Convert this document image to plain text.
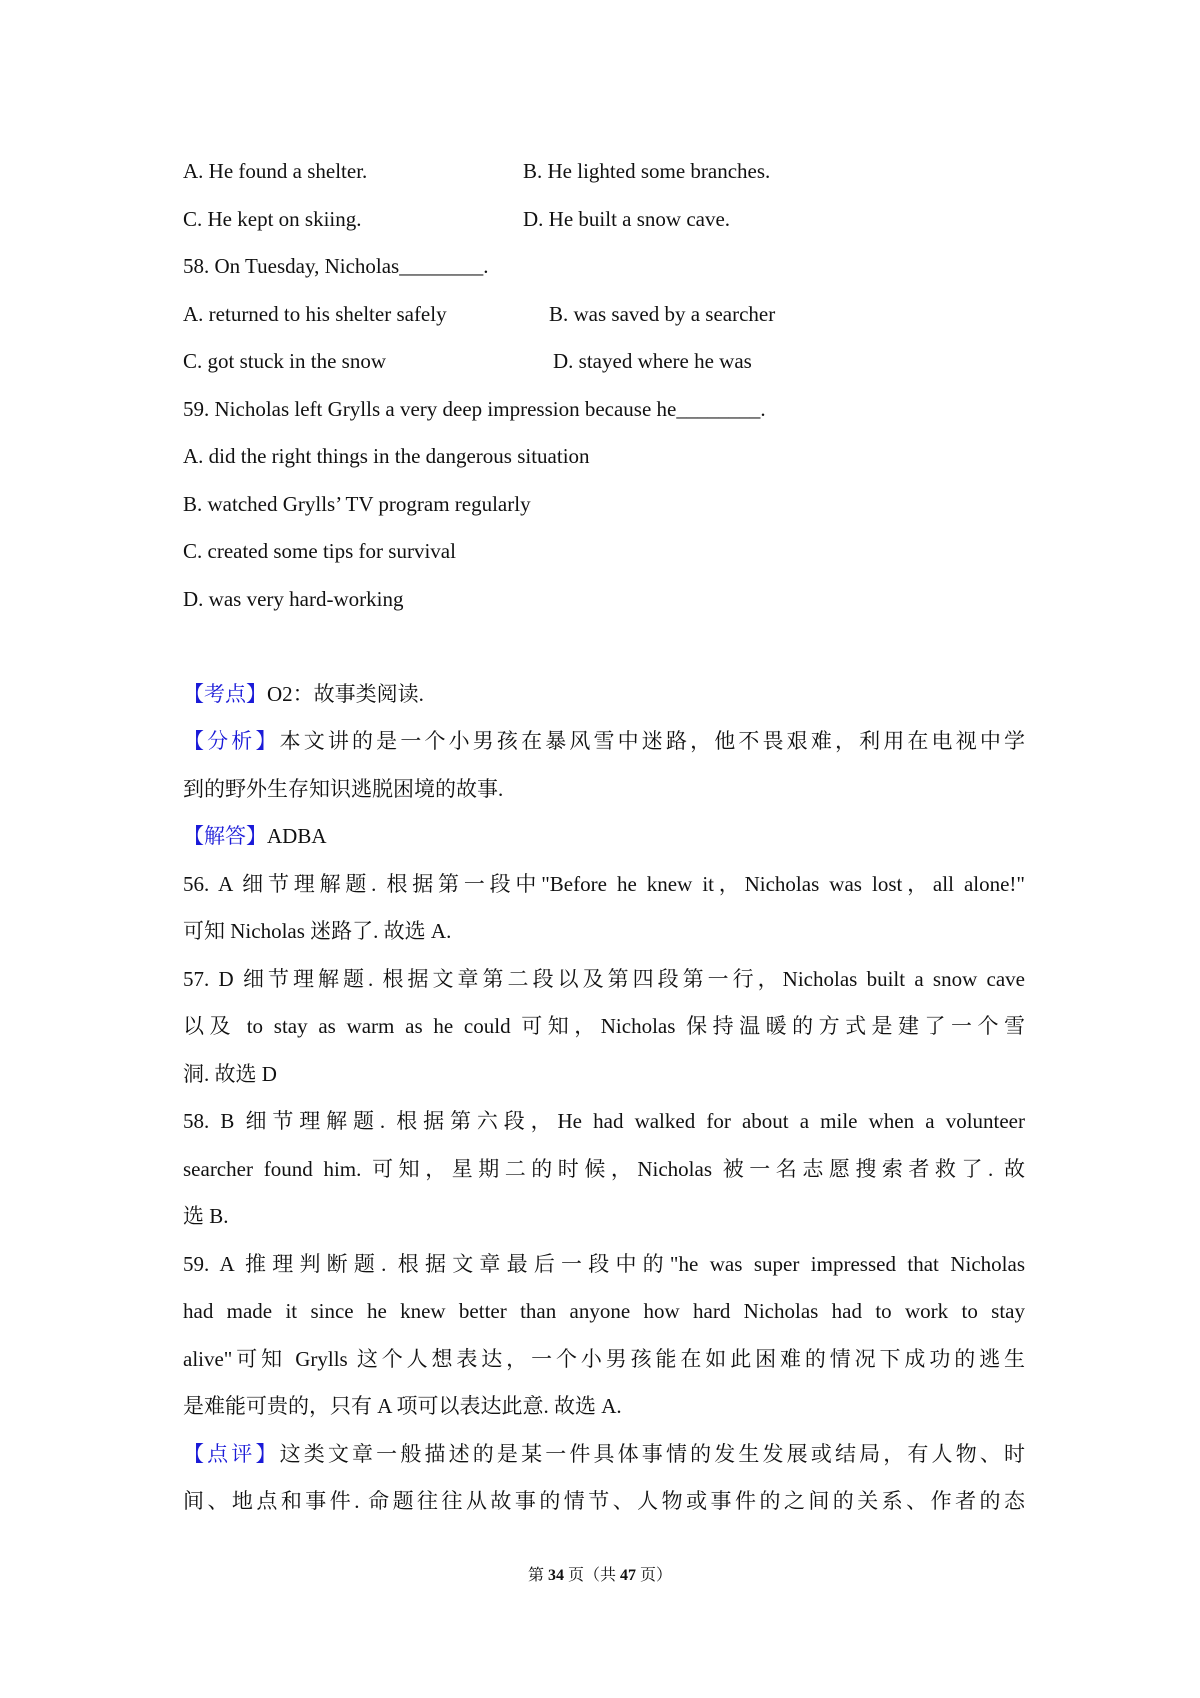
A. He found a shelter.	B. He lighted some branches.
C. He kept on skiing.	D. He built a snow cave.
58. On Tuesday, Nicholas________.
A. returned to his shelter safely	B. was saved by a searcher
C. got stuck in the snow	D. stayed where he was
59. Nicholas left Grylls a very deep impression because he________.
A. did the right things in the dangerous situation
B. watched Grylls’ TV program regularly
C. created some tips for survival
D. was very hard-working
【考点】O2：故事类阅读.
【分析】本文讲的是一个小男孩在暴风雪中迷路，他不畏艰难，利用在电视中学
到的野外生存知识逃脱困境的故事.
【解答】ADBA
56. A 细节理解题. 根据第一段中"Before he knew it，Nicholas was lost，all alone!"
可知 Nicholas 迷路了. 故选 A.
57. D 细节理解题. 根据文章第二段以及第四段第一行，Nicholas built a snow cave
以及 to stay as warm as he could 可知，Nicholas 保持温暖的方式是建了一个雪
洞. 故选 D
58. B 细节理解题. 根据第六段，He had walked for about a mile when a volunteer
searcher found him. 可知，星期二的时候，Nicholas 被一名志愿搜索者救了. 故
选 B.
59. A 推理判断题. 根据文章最后一段中的"he was super impressed that Nicholas
had made it since he knew better than anyone how hard Nicholas had to work to stay
alive"可知 Grylls 这个人想表达，一个小男孩能在如此困难的情况下成功的逃生
是难能可贵的，只有 A 项可以表达此意. 故选 A.
【点评】这类文章一般描述的是某一件具体事情的发生发展或结局，有人物、时
间、地点和事件. 命题往往从故事的情节、人物或事件的之间的关系、作者的态
第 34 页（共 47 页）
